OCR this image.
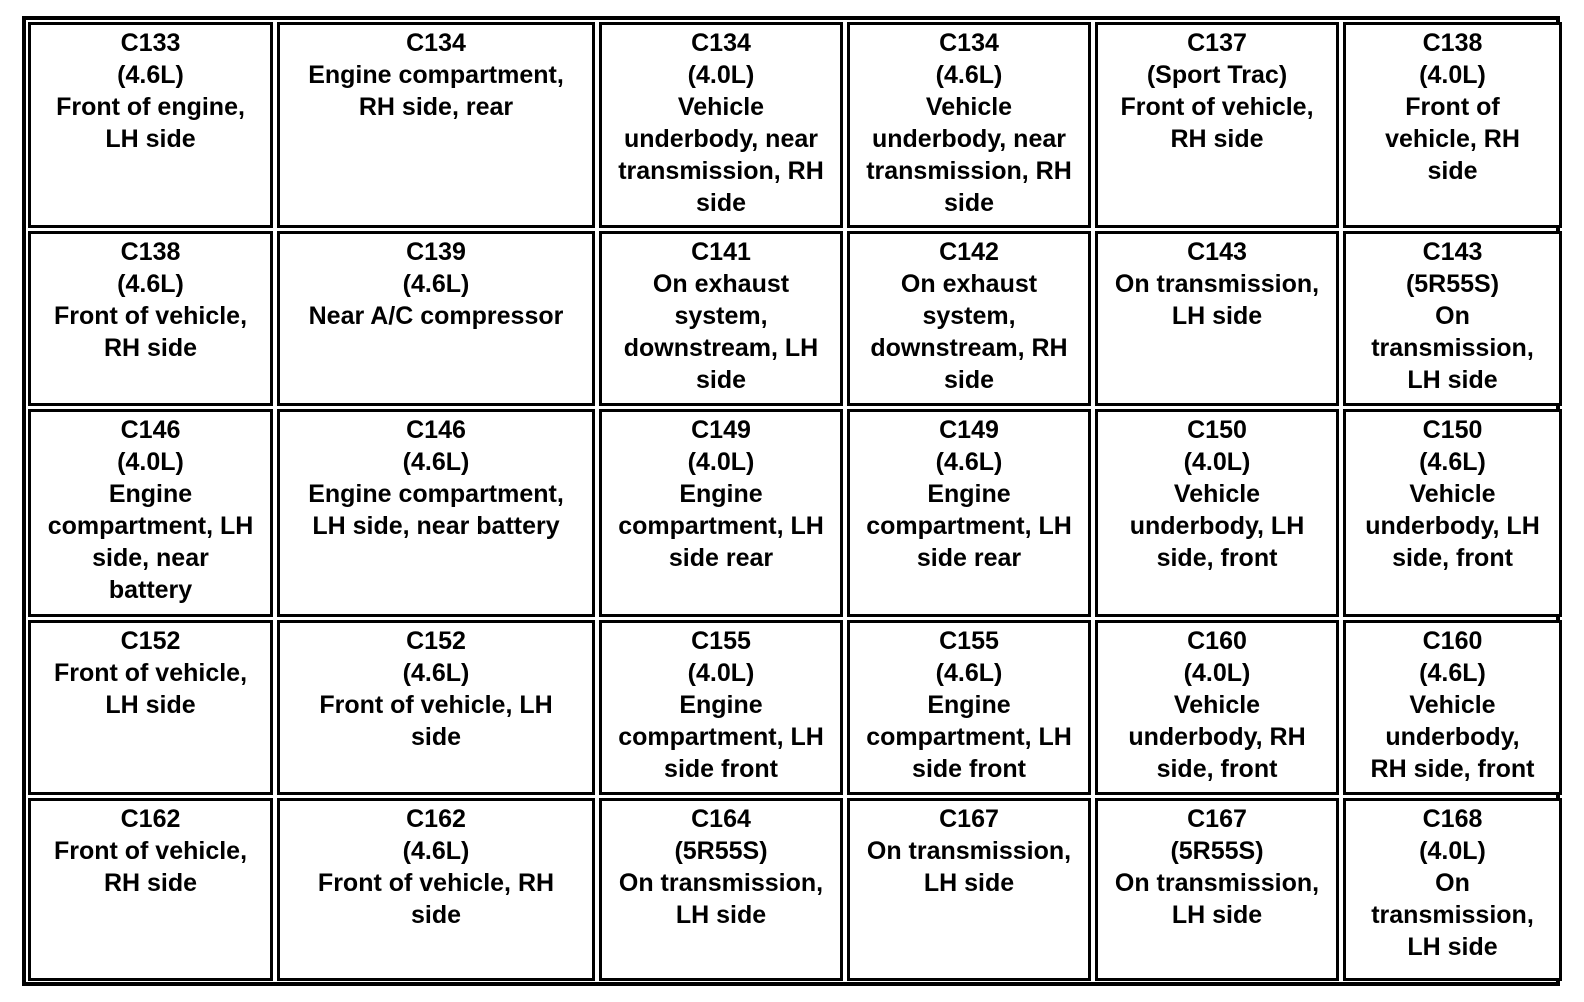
C133
(4.6L)
Front of engine,
LH side
C134
Engine compartment,
RH side, rear
C134
(4.0L)
Vehicle
underbody, near
transmission, RH
side
C134
(4.6L)
Vehicle
underbody, near
transmission, RH
side
C137
(Sport Trac)
Front of vehicle,
RH side
C138
(4.0L)
Front of
vehicle, RH
side
C138
(4.6L)
Front of vehicle,
RH side
C139
(4.6L)
Near A/C compressor
C141
On exhaust
system,
downstream, LH
side
C142
On exhaust
system,
downstream, RH
side
C143
On transmission,
LH side
C143
(5R55S)
On
transmission,
LH side
C146
(4.0L)
Engine
compartment, LH
side, near
battery
C146
(4.6L)
Engine compartment,
LH side, near battery
C149
(4.0L)
Engine
compartment, LH
side rear
C149
(4.6L)
Engine
compartment, LH
side rear
C150
(4.0L)
Vehicle
underbody, LH
side, front
C150
(4.6L)
Vehicle
underbody, LH
side, front
C152
Front of vehicle,
LH side
C152
(4.6L)
Front of vehicle, LH
side
C155
(4.0L)
Engine
compartment, LH
side front
C155
(4.6L)
Engine
compartment, LH
side front
C160
(4.0L)
Vehicle
underbody, RH
side, front
C160
(4.6L)
Vehicle
underbody,
RH side, front
C162
Front of vehicle,
RH side
C162
(4.6L)
Front of vehicle, RH
side
C164
(5R55S)
On transmission,
LH side
C167
On transmission,
LH side
C167
(5R55S)
On transmission,
LH side
C168
(4.0L)
On
transmission,
LH side
